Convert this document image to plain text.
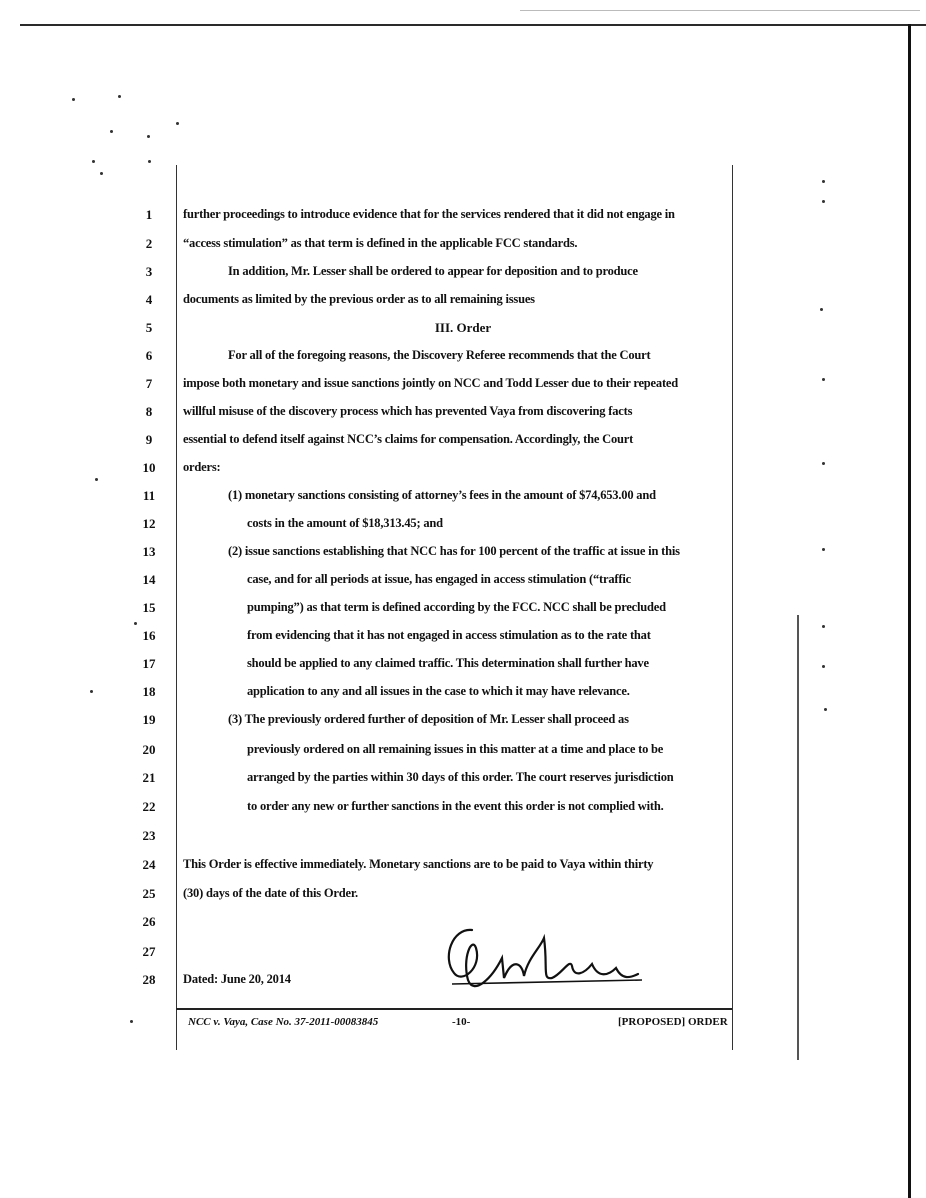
1
2
3
4
5
6
7
8
9
10
11
12
13
14
15
16
17
18
19
20
21
22
23
24
25
26
27
28
further proceedings to introduce evidence that for the services rendered that it did not engage in
“access stimulation” as that term is defined in the applicable FCC standards.
In addition, Mr. Lesser shall be ordered to appear for deposition and to produce
documents as limited by the previous order as to all remaining issues
III. Order
For all of the foregoing reasons, the Discovery Referee recommends that the Court
impose both monetary and issue sanctions jointly on NCC and Todd Lesser due to their repeated
willful misuse of the discovery process which has prevented Vaya from discovering facts
essential to defend itself against NCC’s claims for compensation. Accordingly, the Court
orders:
(1) monetary sanctions consisting of attorney’s fees in the amount of $74,653.00 and
costs in the amount of $18,313.45; and
(2) issue sanctions establishing that NCC has for 100 percent of the traffic at issue in this
case, and for all periods at issue, has engaged in access stimulation (“traffic
pumping”) as that term is defined according by the FCC. NCC shall be precluded
from evidencing that it has not engaged in access stimulation as to the rate that
should be applied to any claimed traffic. This determination shall further have
application to any and all issues in the case to which it may have relevance.
(3) The previously ordered further of deposition of Mr. Lesser shall proceed as
previously ordered on all remaining issues in this matter at a time and place to be
arranged by the parties within 30 days of this order. The court reserves jurisdiction
to order any new or further sanctions in the event this order is not complied with.
This Order is effective immediately. Monetary sanctions are to be paid to Vaya within thirty
(30) days of the date of this Order.
Dated: June 20, 2014
NCC v. Vaya, Case No. 37-2011-00083845	-10-	[PROPOSED] ORDER
